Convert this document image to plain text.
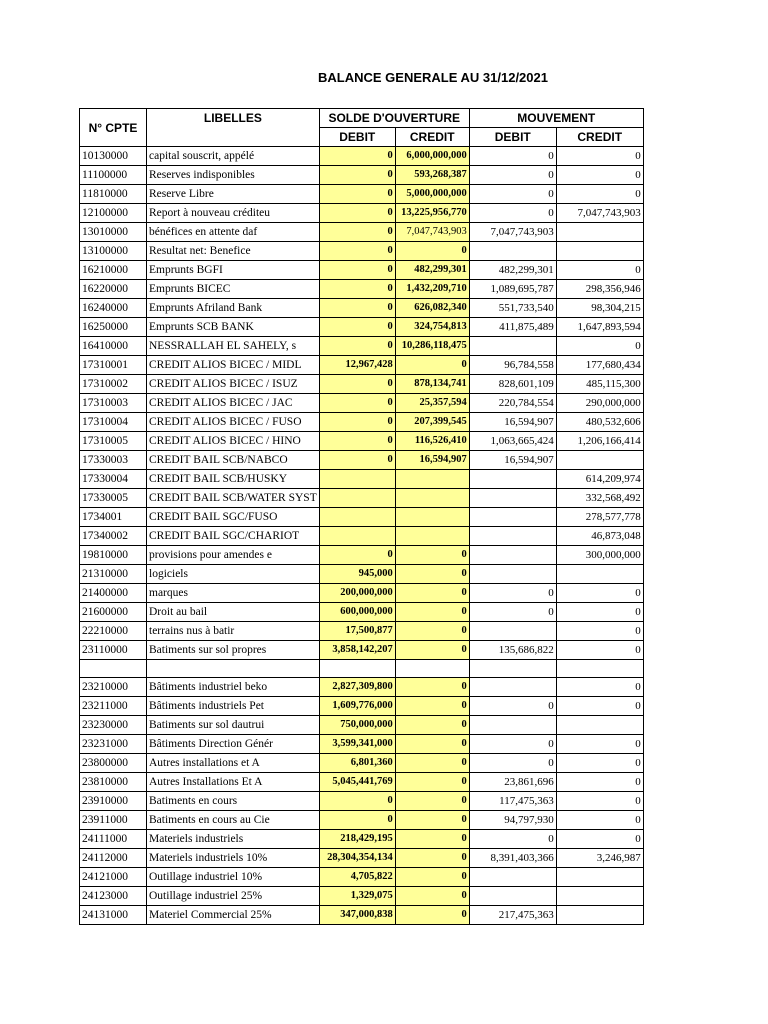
BALANCE GENERALE AU 31/12/2021
N° CPTE	LIBELLES	SOLDE D'OUVERTURE		MOUVEMENT	
		DEBIT	CREDIT	DEBIT	CREDIT
10130000	capital souscrit, appélé	0	6,000,000,000	0	0
11100000	Reserves indisponibles	0	593,268,387	0	0
11810000	Reserve Libre	0	5,000,000,000	0	0
12100000	Report à nouveau créditeu	0	13,225,956,770	0	7,047,743,903
13010000	bénéfices en attente daf	0	7,047,743,903	7,047,743,903	
13100000	Resultat net: Benefice	0	0		
16210000	Emprunts BGFI	0	482,299,301	482,299,301	0
16220000	Emprunts BICEC	0	1,432,209,710	1,089,695,787	298,356,946
16240000	Emprunts Afriland Bank	0	626,082,340	551,733,540	98,304,215
16250000	Emprunts SCB BANK	0	324,754,813	411,875,489	1,647,893,594
16410000	NESSRALLAH EL SAHELY, s	0	10,286,118,475		0
17310001	CREDIT ALIOS BICEC / MIDL	12,967,428	0	96,784,558	177,680,434
17310002	CREDIT ALIOS BICEC / ISUZ	0	878,134,741	828,601,109	485,115,300
17310003	CREDIT ALIOS BICEC / JAC	0	25,357,594	220,784,554	290,000,000
17310004	CREDIT ALIOS BICEC / FUSO	0	207,399,545	16,594,907	480,532,606
17310005	CREDIT ALIOS BICEC / HINO	0	116,526,410	1,063,665,424	1,206,166,414
17330003	CREDIT BAIL SCB/NABCO	0	16,594,907	16,594,907	
17330004	CREDIT BAIL SCB/HUSKY				614,209,974
17330005	CREDIT BAIL SCB/WATER SYST				332,568,492
1734001	CREDIT BAIL SGC/FUSO				278,577,778
17340002	CREDIT BAIL SGC/CHARIOT				46,873,048
19810000	provisions pour amendes e	0	0		300,000,000
21310000	logiciels	945,000	0		
21400000	marques	200,000,000	0	0	0
21600000	Droit au bail	600,000,000	0	0	0
22210000	terrains nus à batir	17,500,877	0		0
23110000	Batiments sur sol propres	3,858,142,207	0	135,686,822	0

23210000	Bâtiments industriel beko	2,827,309,800	0		0
23211000	Bâtiments industriels Pet	1,609,776,000	0	0	0
23230000	Batiments sur sol dautrui	750,000,000	0		
23231000	Bâtiments Direction Génér	3,599,341,000	0	0	0
23800000	Autres installations et A	6,801,360	0	0	0
23810000	Autres Installations Et A	5,045,441,769	0	23,861,696	0
23910000	Batiments en cours	0	0	117,475,363	0
23911000	Batiments en cours au Cie	0	0	94,797,930	0
24111000	Materiels industriels	218,429,195	0	0	0
24112000	Materiels industriels 10%	28,304,354,134	0	8,391,403,366	3,246,987
24121000	Outillage industriel 10%	4,705,822	0		
24123000	Outillage industriel 25%	1,329,075	0		
24131000	Materiel Commercial 25%	347,000,838	0	217,475,363	
